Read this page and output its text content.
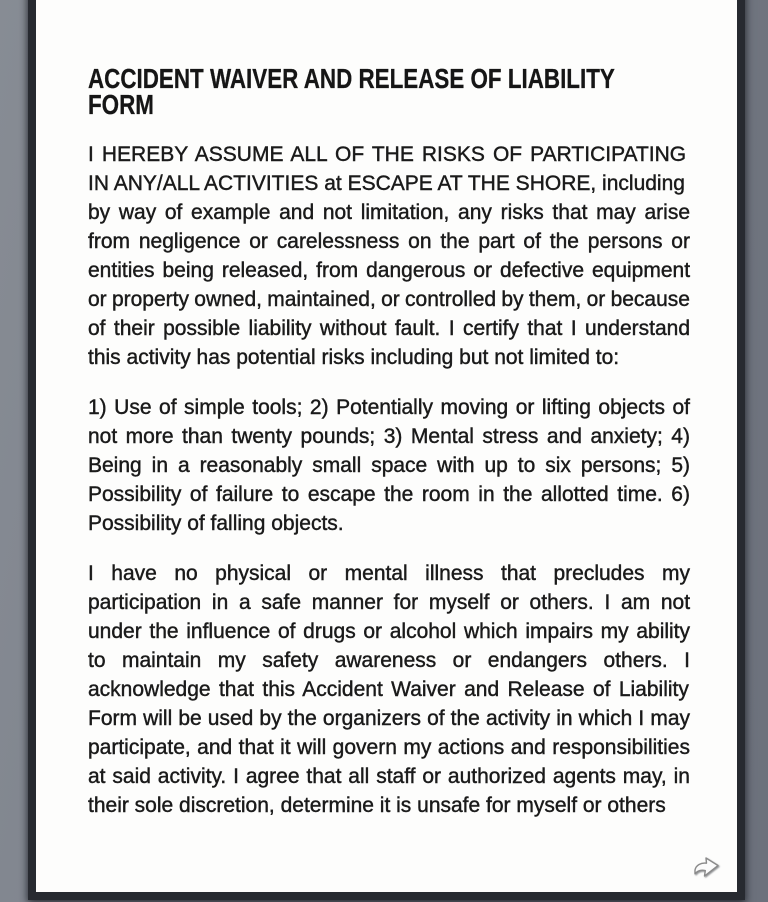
ACCIDENT WAIVER AND RELEASE OF LIABILITY
FORM
I HEREBY ASSUME ALL OF THE RISKS OF PARTICIPATING
IN ANY/ALL ACTIVITIES at ESCAPE AT THE SHORE, including
by way of example and not limitation, any risks that may arise
from negligence or carelessness on the part of the persons or
entities being released, from dangerous or defective equipment
or property owned, maintained, or controlled by them, or because
of their possible liability without fault. I certify that I understand
this activity has potential risks including but not limited to:
1) Use of simple tools; 2) Potentially moving or lifting objects of
not more than twenty pounds; 3) Mental stress and anxiety; 4)
Being in a reasonably small space with up to six persons; 5)
Possibility of failure to escape the room in the allotted time. 6)
Possibility of falling objects.
I have no physical or mental illness that precludes my
participation in a safe manner for myself or others. I am not
under the influence of drugs or alcohol which impairs my ability
to maintain my safety awareness or endangers others. I
acknowledge that this Accident Waiver and Release of Liability
Form will be used by the organizers of the activity in which I may
participate, and that it will govern my actions and responsibilities
at said activity. I agree that all staff or authorized agents may, in
their sole discretion, determine it is unsafe for myself or others
